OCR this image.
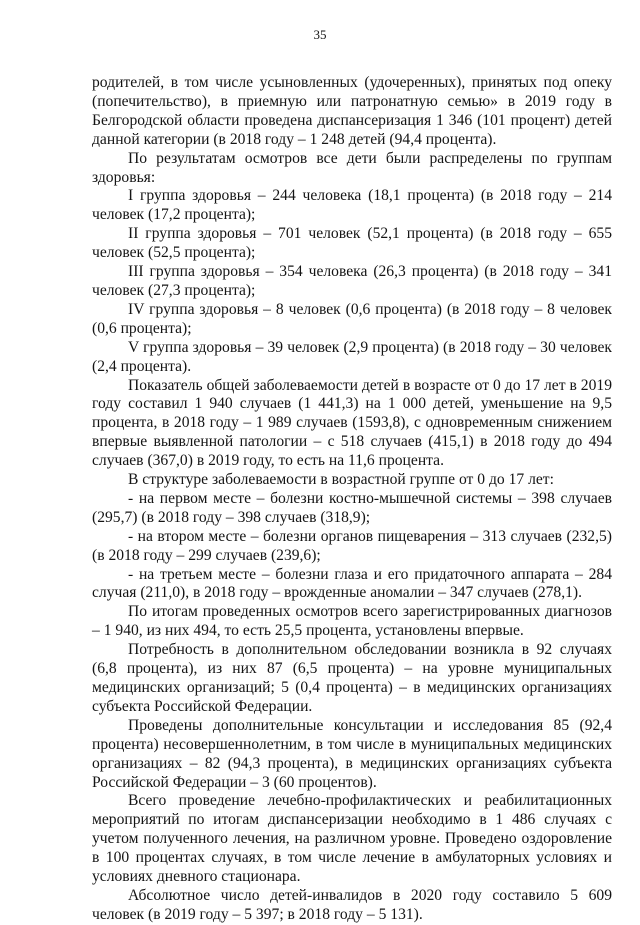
35

родителей, в том числе усыновленных (удочеренных), принятых под опеку (попечительство), в приемную или патронатную семью» в 2019 году в Белгородской области проведена диспансеризация 1 346 (101 процент) детей данной категории (в 2018 году – 1 248 детей (94,4 процента).

По результатам осмотров все дети были распределены по группам здоровья:

I группа здоровья – 244 человека (18,1 процента) (в 2018 году – 214 человек (17,2 процента);

II группа здоровья – 701 человек (52,1 процента) (в 2018 году – 655 человек (52,5 процента);

III группа здоровья – 354 человека (26,3 процента) (в 2018 году – 341 человек (27,3 процента);

IV группа здоровья – 8 человек (0,6 процента) (в 2018 году – 8 человек (0,6 процента);

V группа здоровья – 39 человек (2,9 процента) (в 2018 году – 30 человек (2,4 процента).

Показатель общей заболеваемости детей в возрасте от 0 до 17 лет в 2019 году составил 1 940 случаев (1 441,3) на 1 000 детей, уменьшение на 9,5 процента, в 2018 году – 1 989 случаев (1593,8), с одновременным снижением впервые выявленной патологии – с 518 случаев (415,1) в 2018 году до 494 случаев (367,0) в 2019 году, то есть на 11,6 процента.

В структуре заболеваемости в возрастной группе от 0 до 17 лет:

- на первом месте – болезни костно-мышечной системы – 398 случаев (295,7) (в 2018 году – 398 случаев (318,9);

- на втором месте – болезни органов пищеварения – 313 случаев (232,5) (в 2018 году – 299 случаев (239,6);

- на третьем месте – болезни глаза и его придаточного аппарата – 284 случая (211,0), в 2018 году – врожденные аномалии – 347 случаев (278,1).

По итогам проведенных осмотров всего зарегистрированных диагнозов – 1 940, из них 494, то есть 25,5 процента, установлены впервые.

Потребность в дополнительном обследовании возникла в 92 случаях (6,8 процента), из них 87 (6,5 процента) – на уровне муниципальных медицинских организаций; 5 (0,4 процента) – в медицинских организациях субъекта Российской Федерации.

Проведены дополнительные консультации и исследования 85 (92,4 процента) несовершеннолетним, в том числе в муниципальных медицинских организациях – 82 (94,3 процента), в медицинских организациях субъекта Российской Федерации – 3 (60 процентов).

Всего проведение лечебно-профилактических и реабилитационных мероприятий по итогам диспансеризации необходимо в 1 486 случаях с учетом полученного лечения, на различном уровне. Проведено оздоровление в 100 процентах случаях, в том числе лечение в амбулаторных условиях и условиях дневного стационара.

Абсолютное число детей-инвалидов в 2020 году составило 5 609 человек (в 2019 году – 5 397; в 2018 году – 5 131).
